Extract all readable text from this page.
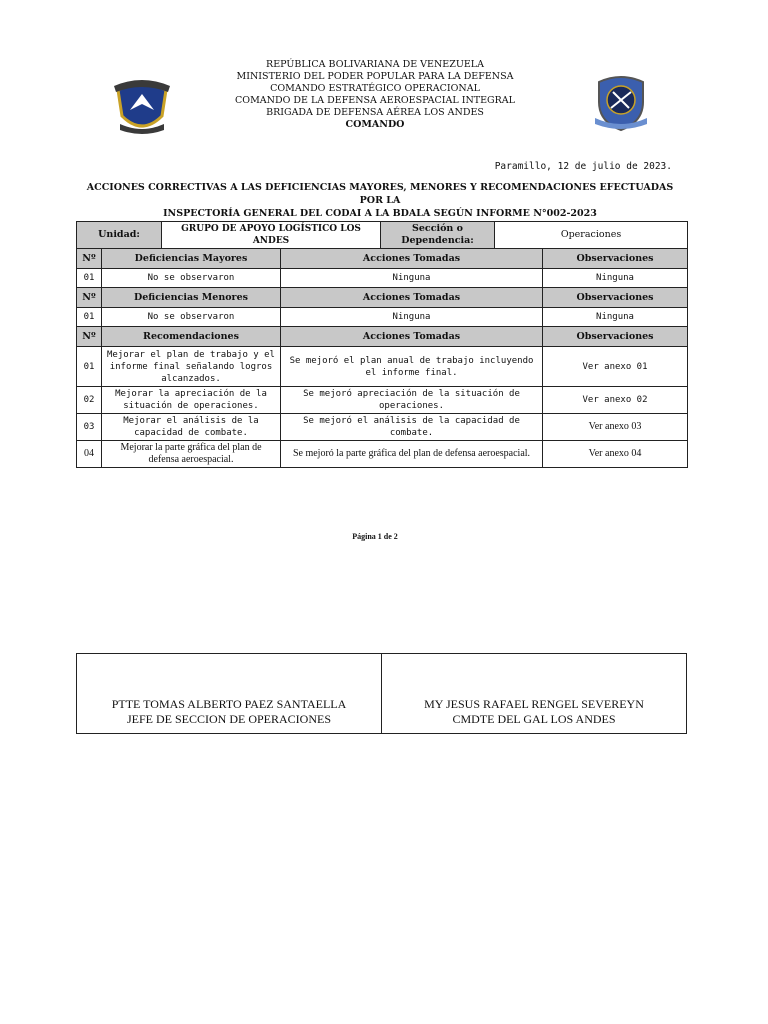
REPÚBLICA BOLIVARIANA DE VENEZUELA
MINISTERIO DEL PODER POPULAR PARA LA DEFENSA
COMANDO ESTRATÉGICO OPERACIONAL
COMANDO DE LA DEFENSA AEROESPACIAL INTEGRAL
BRIGADA DE DEFENSA AÉREA LOS ANDES
COMANDO
Paramillo, 12 de julio de 2023.
ACCIONES CORRECTIVAS A LAS DEFICIENCIAS MAYORES, MENORES Y RECOMENDACIONES EFECTUADAS POR LA
INSPECTORÍA GENERAL DEL CODAI A LA BDALA SEGÚN INFORME N°002-2023
Unidad:		GRUPO DE APOYO LOGÍSTICO LOS ANDES		Sección o Dependencia:	Operaciones	
Nº	Deficiencias Mayores		Acciones Tomadas			Observaciones
01	No se observaron		Ninguna			Ninguna
Nº	Deficiencias Menores		Acciones Tomadas			Observaciones
01	No se observaron		Ninguna			Ninguna
Nº	Recomendaciones		Acciones Tomadas			Observaciones
01	Mejorar el plan de trabajo y el informe final señalando logros alcanzados.		Se mejoró el plan anual de trabajo incluyendo el informe final.			Ver anexo 01
02	Mejorar la apreciación de la situación de operaciones.		Se mejoró apreciación de la situación de operaciones.			Ver anexo 02
03	Mejorar el análisis de la capacidad de combate.		Se mejoró el análisis de la capacidad de combate.			Ver anexo 03
04	Mejorar la parte gráfica del plan de defensa aeroespacial.		Se mejoró la parte gráfica del plan de defensa aeroespacial.			Ver anexo 04
Página 1 de 2
PTTE TOMAS ALBERTO PAEZ SANTAELLA
JEFE DE SECCION DE OPERACIONES

MY JESUS RAFAEL RENGEL SEVEREYN
CMDTE DEL GAL LOS ANDES
